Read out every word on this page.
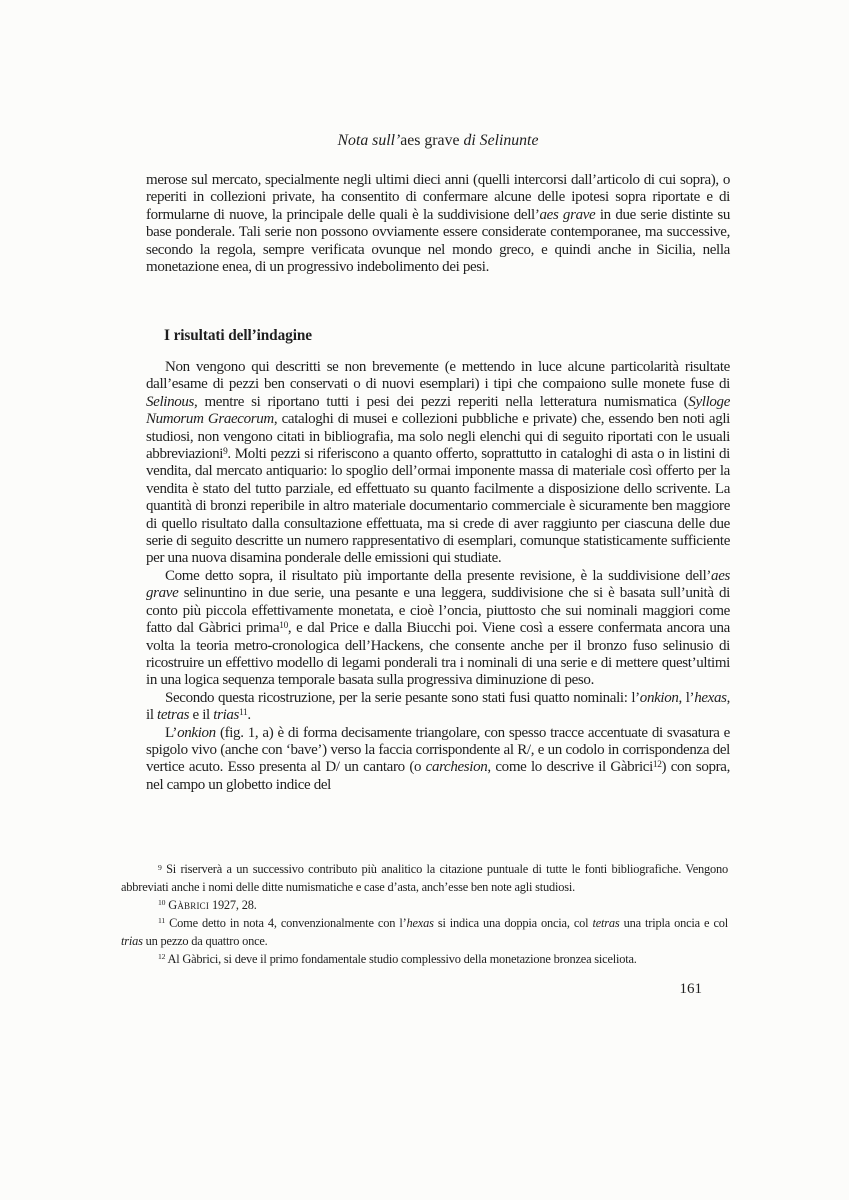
Nota sull’aes grave di Selinunte

merose sul mercato, specialmente negli ultimi dieci anni (quelli intercorsi dall’articolo di cui sopra), o reperiti in collezioni private, ha consentito di confermare alcune delle ipotesi sopra riportate e di formularne di nuove, la principale delle quali è la suddivisione dell’aes grave in due serie distinte su base ponderale. Tali serie non possono ovviamente essere considerate contemporanee, ma successive, secondo la regola, sempre verificata ovunque nel mondo greco, e quindi anche in Sicilia, nella monetazione enea, di un progressivo indebolimento dei pesi.

I risultati dell’indagine

Non vengono qui descritti se non brevemente (e mettendo in luce alcune particolarità risultate dall’esame di pezzi ben conservati o di nuovi esemplari) i tipi che compaiono sulle monete fuse di Selinous, mentre si riportano tutti i pesi dei pezzi reperiti nella letteratura numismatica (Sylloge Numorum Graecorum, cataloghi di musei e collezioni pubbliche e private) che, essendo ben noti agli studiosi, non vengono citati in bibliografia, ma solo negli elenchi qui di seguito riportati con le usuali abbreviazioni$^9$. Molti pezzi si riferiscono a quanto offerto, soprattutto in cataloghi di asta o in listini di vendita, dal mercato antiquario: lo spoglio dell’ormai imponente massa di materiale così offerto per la vendita è stato del tutto parziale, ed effettuato su quanto facilmente a disposizione dello scrivente. La quantità di bronzi reperibile in altro materiale documentario commerciale è sicuramente ben maggiore di quello risultato dalla consultazione effettuata, ma si crede di aver raggiunto per ciascuna delle due serie di seguito descritte un numero rappresentativo di esemplari, comunque statisticamente sufficiente per una nuova disamina ponderale delle emissioni qui studiate.

Come detto sopra, il risultato più importante della presente revisione, è la suddivisione dell’aes grave selinuntino in due serie, una pesante e una leggera, suddivisione che si è basata sull’unità di conto più piccola effettivamente monetata, e cioè l’oncia, piuttosto che sui nominali maggiori come fatto dal Gàbrici prima$^{10}$, e dal Price e dalla Biucchi poi. Viene così a essere confermata ancora una volta la teoria metro-cronologica dell’Hackens, che consente anche per il bronzo fuso selinusio di ricostruire un effettivo modello di legami ponderali tra i nominali di una serie e di mettere quest’ultimi in una logica sequenza temporale basata sulla progressiva diminuzione di peso.

Secondo questa ricostruzione, per la serie pesante sono stati fusi quatto nominali: l’onkion, l’hexas, il tetras e il trias$^{11}$.

L’onkion (fig. 1, a) è di forma decisamente triangolare, con spesso tracce accentuate di svasatura e spigolo vivo (anche con ‘bave’) verso la faccia corrispondente al R/, e un codolo in corrispondenza del vertice acuto. Esso presenta al D/ un cantaro (o carchesion, come lo descrive il Gàbrici$^{12}$) con sopra, nel campo un globetto indice del

$^9$ Si riserverà a un successivo contributo più analitico la citazione puntuale di tutte le fonti bibliografiche. Vengono abbreviati anche i nomi delle ditte numismatiche e case d’asta, anch’esse ben note agli studiosi.

$^{10}$ Gàbrici 1927, 28.

$^{11}$ Come detto in nota 4, convenzionalmente con l’hexas si indica una doppia oncia, col tetras una tripla oncia e col trias un pezzo da quattro once.

$^{12}$ Al Gàbrici, si deve il primo fondamentale studio complessivo della monetazione bronzea siceliota.

161
